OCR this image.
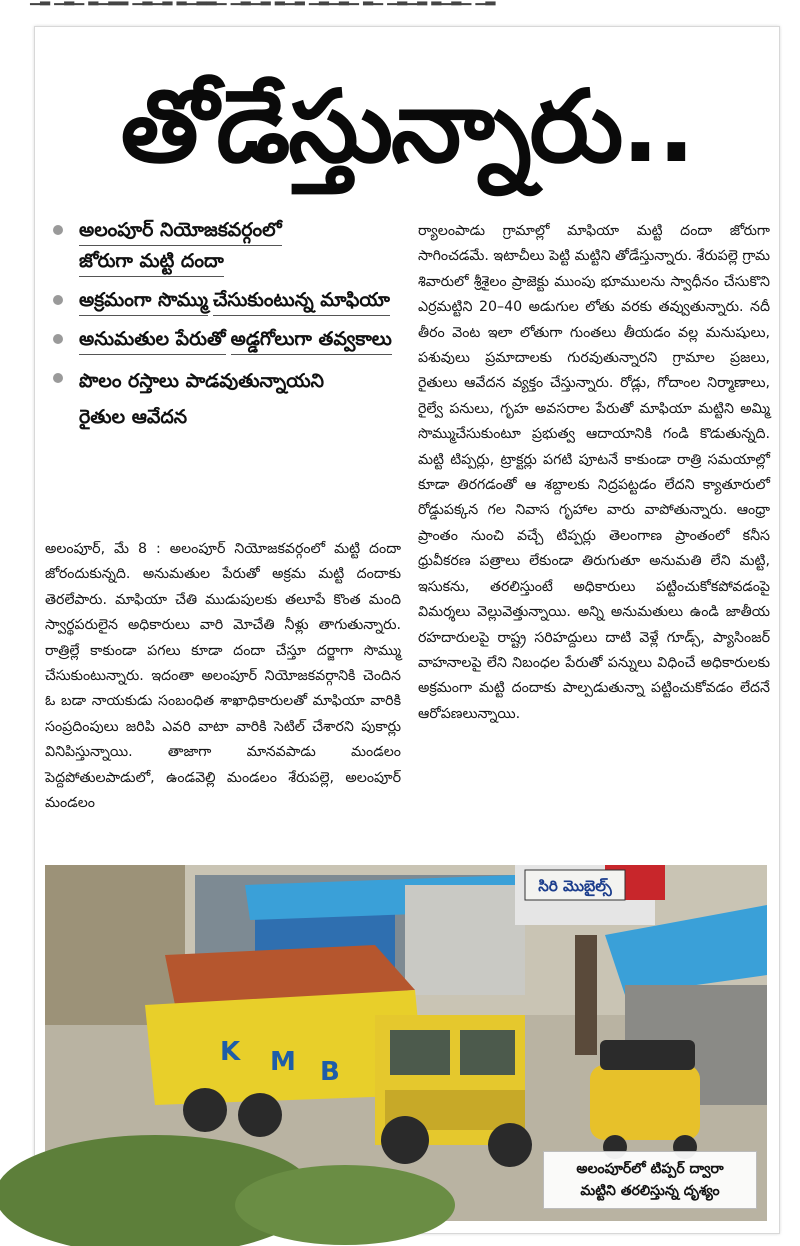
తోడేస్తున్నారు..
అలంపూర్ నియోజకవర్గంలో జోరుగా మట్టి దందా
అక్రమంగా సొమ్ము చేసుకుంటున్న మాఫియా
అనుమతుల పేరుతో అడ్డగోలుగా తవ్వకాలు
పొలం రస్తాలు పాడవుతున్నాయని
రైతుల ఆవేదన

అలంపూర్, మే 8 : అలంపూర్ నియోజకవర్గంలో మట్టి దందా జోరందుకున్నది. అనుమతుల పేరుతో అక్రమ మట్టి దందాకు తెరలేపారు. మాఫియా చేతి ముడుపులకు తలూపే కొంత మంది స్వార్థపరులైన అధికారులు వారి మోచేతి నీళ్లు తాగుతున్నారు. రాత్రిల్లే కాకుండా పగలు కూడా దందా చేస్తూ దర్జాగా సొమ్ము చేసుకుంటున్నారు. ఇదంతా అలంపూర్ నియోజకవర్గానికి చెందిన ఓ బడా నాయకుడు సంబంధిత శాఖాధికారులతో మాఫియా వారికి సంప్రదింపులు జరిపి ఎవరి వాటా వారికి సెటిల్ చేశారని పుకార్లు వినిపిస్తున్నాయి. తాజాగా మానవపాడు మండలం పెద్దపోతులపాడులో, ఉండవెల్లి మండలం శేరుపల్లె, అలంపూర్ మండలం

ర్యాలంపాడు గ్రామాల్లో మాఫియా మట్టి దందా జోరుగా సాగించడమే. ఇటాచీలు పెట్టి మట్టిని తోడేస్తున్నారు. శేరుపల్లె గ్రామ శివారులో శ్రీశైలం ప్రాజెక్టు ముంపు భూములను స్వాధీనం చేసుకొని ఎర్రమట్టిని 20–40 అడుగుల లోతు వరకు తవ్వుతున్నారు. నదీ తీరం వెంట ఇలా లోతుగా గుంతలు తీయడం వల్ల మనుషులు, పశువులు ప్రమాదాలకు గురవుతున్నారని గ్రామాల ప్రజలు, రైతులు ఆవేదన వ్యక్తం చేస్తున్నారు. రోడ్లు, గోదాంల నిర్మాణాలు, రైల్వే పనులు, గృహ అవసరాల పేరుతో మాఫియా మట్టిని అమ్మి సొమ్ముచేసుకుంటూ ప్రభుత్వ ఆదాయానికి గండి కొడుతున్నది. మట్టి టిప్పర్లు, ట్రాక్టర్లు పగటి పూటనే కాకుండా రాత్రి సమయాల్లో కూడా తిరగడంతో ఆ శబ్దాలకు నిద్రపట్టడం లేదని క్యాతూరులో రోడ్డుపక్కన గల నివాస గృహాల వారు వాపోతున్నారు. ఆంధ్రా ప్రాంతం నుంచి వచ్చే టిప్పర్లు తెలంగాణ ప్రాంతంలో కనీస ధ్రువీకరణ పత్రాలు లేకుండా తిరుగుతూ అనుమతి లేని మట్టి, ఇసుకను, తరలిస్తుంటే అధికారులు పట్టించుకోకపోవడంపై విమర్శలు వెల్లువెత్తున్నాయి. అన్ని అనుమతులు ఉండి జాతీయ రహదారులపై రాష్ట్ర సరిహద్దులు దాటి వెళ్లే గూడ్స్, ప్యాసింజర్ వాహనాలపై లేని నిబంధల పేరుతో పన్నులు విధించే అధికారులకు అక్రమంగా మట్టి దందాకు పాల్పడుతున్నా పట్టించుకోవడం లేదనే ఆరోపణలున్నాయి.

సిరి మొబైల్స్
K M B
అలంపూర్‌లో టిప్పర్ ద్వారా
మట్టిని తరలిస్తున్న దృశ్యం
